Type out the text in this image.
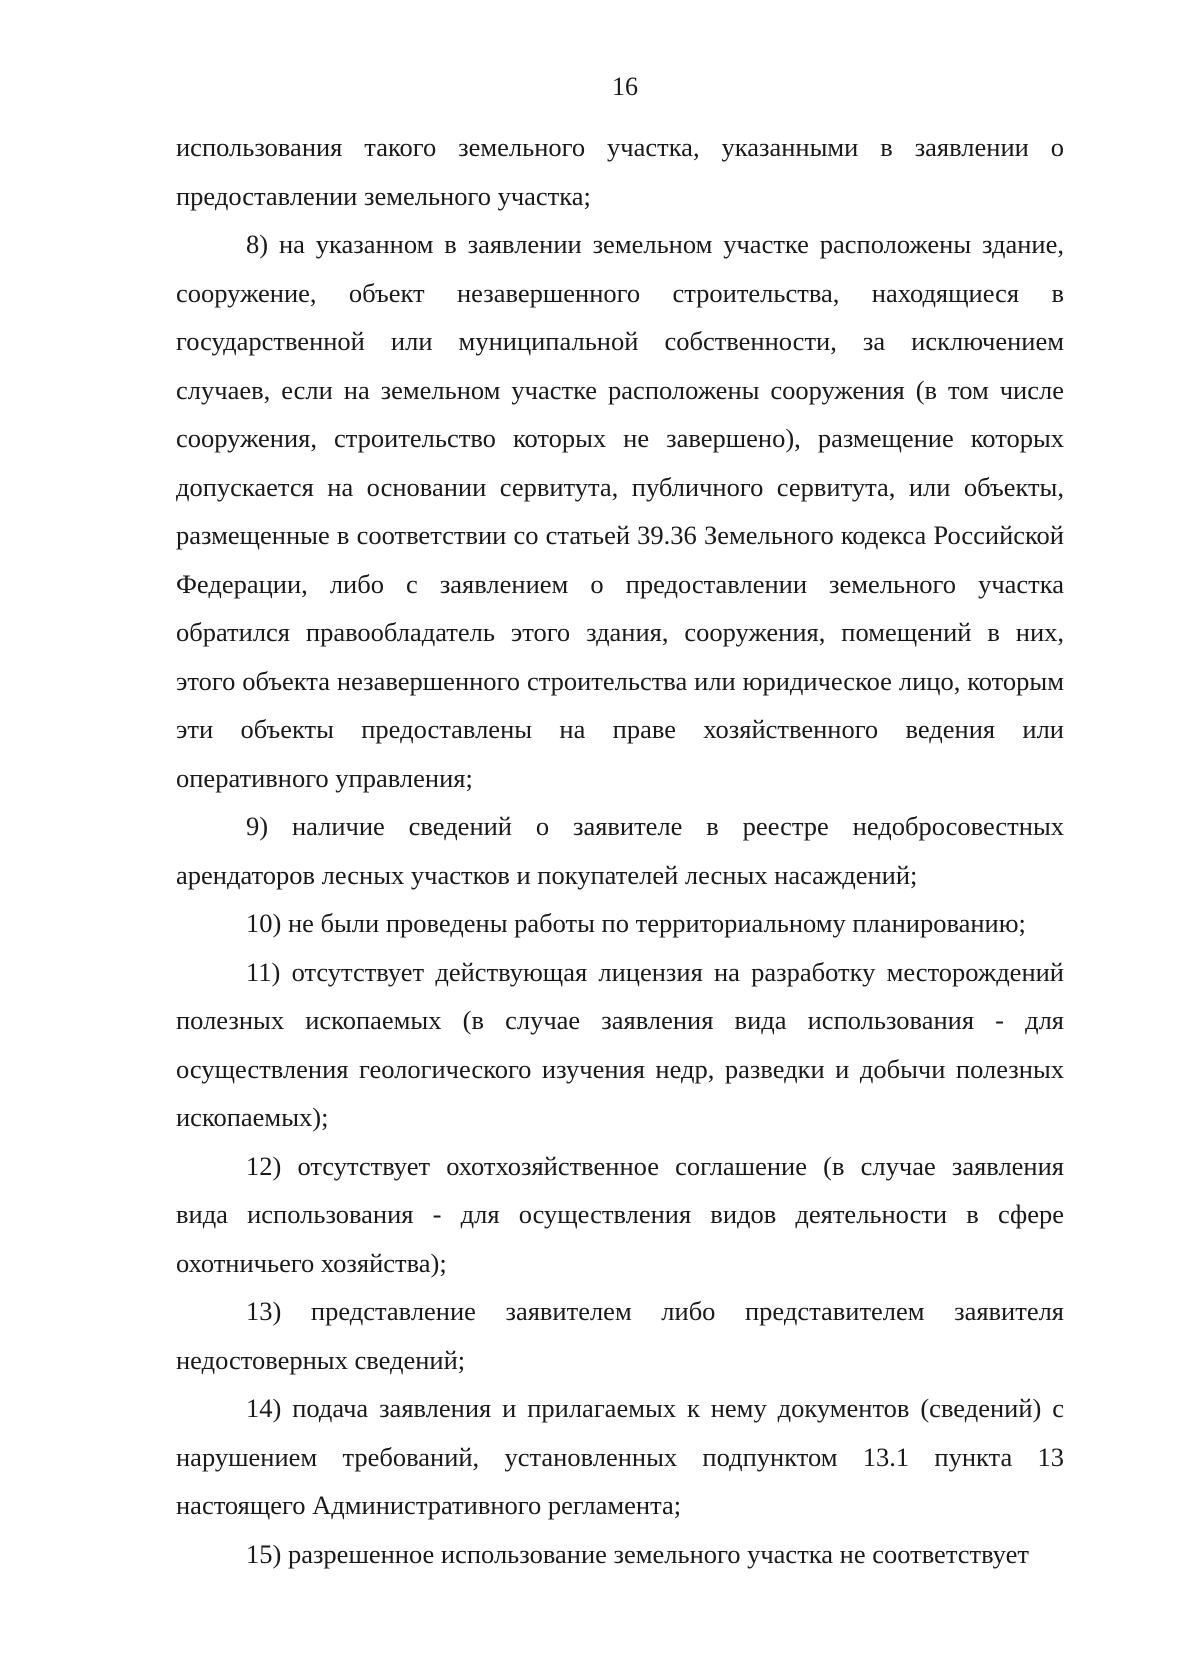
16

использования такого земельного участка, указанными в заявлении о предоставлении земельного участка;

8) на указанном в заявлении земельном участке расположены здание, сооружение, объект незавершенного строительства, находящиеся в государственной или муниципальной собственности, за исключением случаев, если на земельном участке расположены сооружения (в том числе сооружения, строительство которых не завершено), размещение которых допускается на основании сервитута, публичного сервитута, или объекты, размещенные в соответствии со статьей 39.36 Земельного кодекса Российской Федерации, либо с заявлением о предоставлении земельного участка обратился правообладатель этого здания, сооружения, помещений в них, этого объекта незавершенного строительства или юридическое лицо, которым эти объекты предоставлены на праве хозяйственного ведения или оперативного управления;

9) наличие сведений о заявителе в реестре недобросовестных арендаторов лесных участков и покупателей лесных насаждений;

10) не были проведены работы по территориальному планированию;

11) отсутствует действующая лицензия на разработку месторождений полезных ископаемых (в случае заявления вида использования - для осуществления геологического изучения недр, разведки и добычи полезных ископаемых);

12) отсутствует охотхозяйственное соглашение (в случае заявления вида использования - для осуществления видов деятельности в сфере охотничьего хозяйства);

13) представление заявителем либо представителем заявителя недостоверных сведений;

14) подача заявления и прилагаемых к нему документов (сведений) с нарушением требований, установленных подпунктом 13.1 пункта 13 настоящего Административного регламента;

15) разрешенное использование земельного участка не соответствует
